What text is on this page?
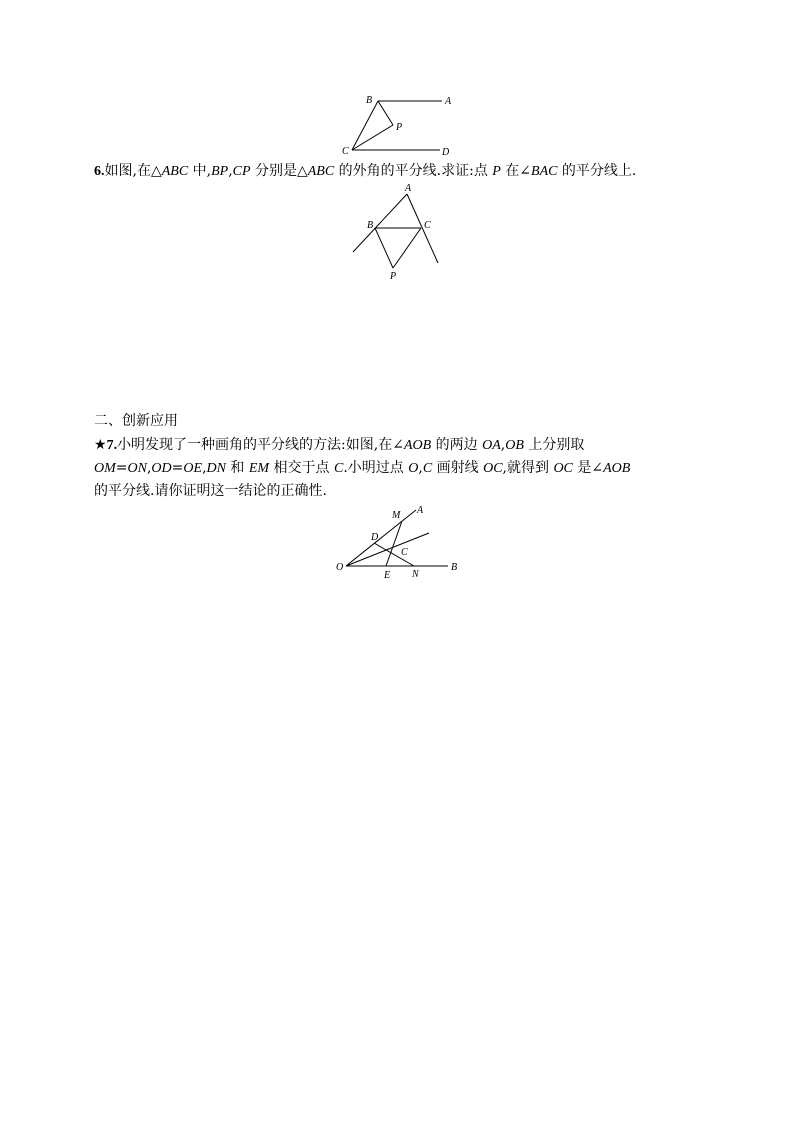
B	A
P
C	D
6.如图,在△ABC 中,BP,CP 分别是△ABC 的外角的平分线.求证:点 P 在∠BAC 的平分线上.
A
B	C
P
二、创新应用
★7.小明发现了一种画角的平分线的方法:如图,在∠AOB 的两边 OA,OB 上分别取
OM=ON,OD=OE,DN 和 EM 相交于点 C.小明过点 O,C 画射线 OC,就得到 OC 是∠AOB
的平分线.请你证明这一结论的正确性.
M A
D
C
O
E N
B
